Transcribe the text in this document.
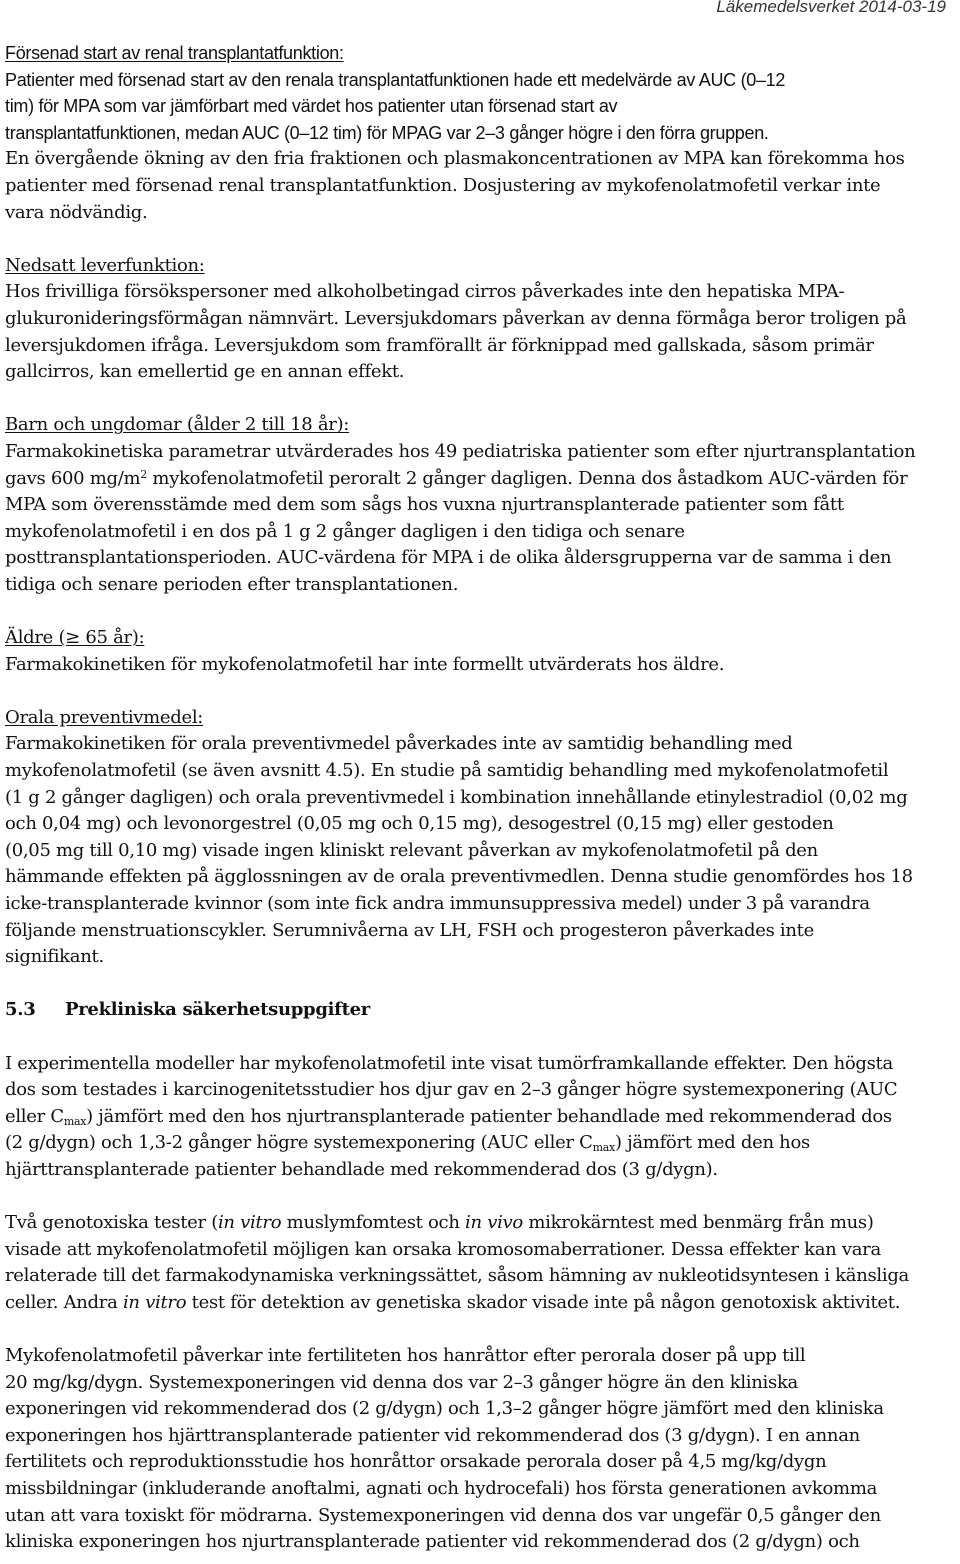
Läkemedelsverket 2014-03-19
Försenad start av renal transplantatfunktion:
Patienter med försenad start av den renala transplantatfunktionen hade ett medelvärde av AUC (0–12
tim) för MPA som var jämförbart med värdet hos patienter utan försenad start av
transplantatfunktionen, medan AUC (0–12 tim) för MPAG var 2–3 gånger högre i den förra gruppen.
En övergående ökning av den fria fraktionen och plasmakoncentrationen av MPA kan förekomma hos
patienter med försenad renal transplantatfunktion. Dosjustering av mykofenolatmofetil verkar inte
vara nödvändig.
Nedsatt leverfunktion:
Hos frivilliga försökspersoner med alkoholbetingad cirros påverkades inte den hepatiska MPA-
glukuronideringsförmågan nämnvärt. Leversjukdomars påverkan av denna förmåga beror troligen på
leversjukdomen ifråga. Leversjukdom som framförallt är förknippad med gallskada, såsom primär
gallcirros, kan emellertid ge en annan effekt.
Barn och ungdomar (ålder 2 till 18 år):
Farmakokinetiska parametrar utvärderades hos 49 pediatriska patienter som efter njurtransplantation
gavs 600 $mg/m^2$ mykofenolatmofetil peroralt 2 gånger dagligen. Denna dos åstadkom AUC-värden för
MPA som överensstämde med dem som sågs hos vuxna njurtransplanterade patienter som fått
mykofenolatmofetil i en dos på 1 g 2 gånger dagligen i den tidiga och senare
posttransplantationsperioden. AUC-värdena för MPA i de olika åldersgrupperna var de samma i den
tidiga och senare perioden efter transplantationen.
Äldre (≥ 65 år):
Farmakokinetiken för mykofenolatmofetil har inte formellt utvärderats hos äldre.
Orala preventivmedel:
Farmakokinetiken för orala preventivmedel påverkades inte av samtidig behandling med
mykofenolatmofetil (se även avsnitt 4.5). En studie på samtidig behandling med mykofenolatmofetil
(1 g 2 gånger dagligen) och orala preventivmedel i kombination innehållande etinylestradiol (0,02 mg
och 0,04 mg) och levonorgestrel (0,05 mg och 0,15 mg), desogestrel (0,15 mg) eller gestoden
(0,05 mg till 0,10 mg) visade ingen kliniskt relevant påverkan av mykofenolatmofetil på den
hämmande effekten på ägglossningen av de orala preventivmedlen. Denna studie genomfördes hos 18
icke-transplanterade kvinnor (som inte fick andra immunsuppressiva medel) under 3 på varandra
följande menstruationscykler. Serumnivåerna av LH, FSH och progesteron påverkades inte
signifikant.
5.3 Prekliniska säkerhetsuppgifter
I experimentella modeller har mykofenolatmofetil inte visat tumörframkallande effekter. Den högsta
dos som testades i karcinogenitetsstudier hos djur gav en 2–3 gånger högre systemexponering (AUC
eller $C_{max}$) jämfört med den hos njurtransplanterade patienter behandlade med rekommenderad dos
(2 g/dygn) och 1,3-2 gånger högre systemexponering (AUC eller $C_{max}$) jämfört med den hos
hjärttransplanterade patienter behandlade med rekommenderad dos (3 g/dygn).
Två genotoxiska tester (in vitro muslymfomtest och in vivo mikrokärntest med benmärg från mus)
visade att mykofenolatmofetil möjligen kan orsaka kromosomaberrationer. Dessa effekter kan vara
relaterade till det farmakodynamiska verkningssättet, såsom hämning av nukleotidsyntesen i känsliga
celler. Andra in vitro test för detektion av genetiska skador visade inte på någon genotoxisk aktivitet.
Mykofenolatmofetil påverkar inte fertiliteten hos hanråttor efter perorala doser på upp till
20 mg/kg/dygn. Systemexponeringen vid denna dos var 2–3 gånger högre än den kliniska
exponeringen vid rekommenderad dos (2 g/dygn) och 1,3–2 gånger högre jämfört med den kliniska
exponeringen hos hjärttransplanterade patienter vid rekommenderad dos (3 g/dygn). I en annan
fertilitets och reproduktionsstudie hos honråttor orsakade perorala doser på 4,5 mg/kg/dygn
missbildningar (inkluderande anoftalmi, agnati och hydrocefali) hos första generationen avkomma
utan att vara toxiskt för mödrarna. Systemexponeringen vid denna dos var ungefär 0,5 gånger den
kliniska exponeringen hos njurtransplanterade patienter vid rekommenderad dos (2 g/dygn) och
